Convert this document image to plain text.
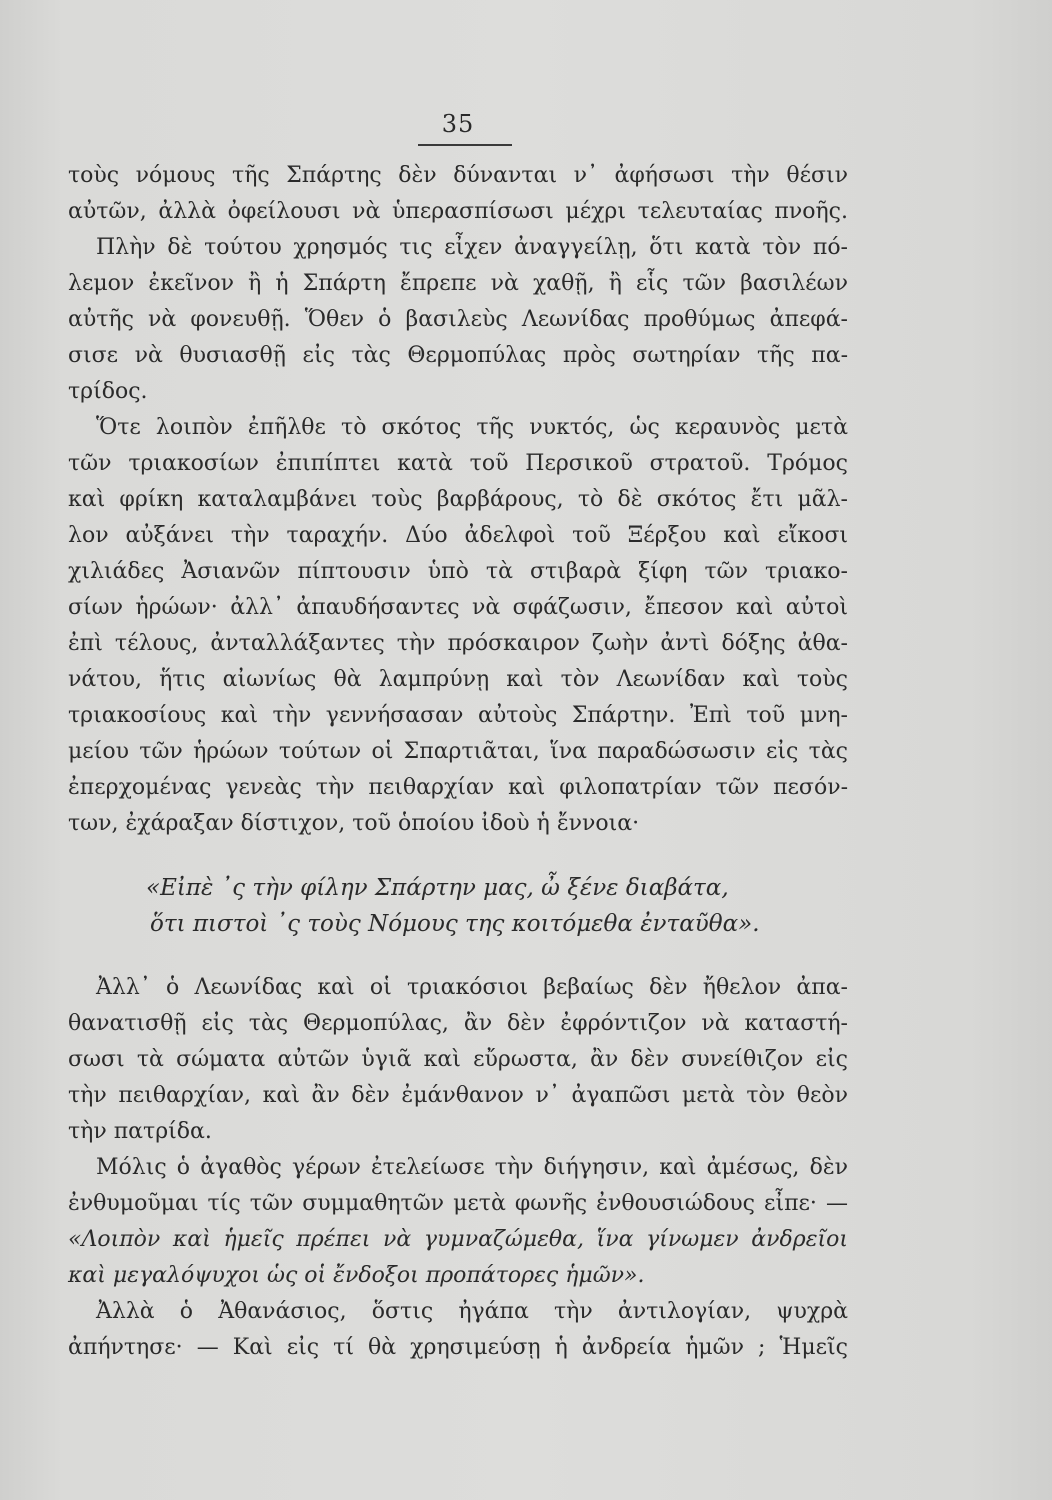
35
τοὺς νόμους τῆς Σπάρτης δὲν δύνανται ν᾽ ἀφήσωσι τὴν θέσιν
αὐτῶν, ἀλλὰ ὀφείλουσι νὰ ὑπερασπίσωσι μέχρι τελευταίας πνοῆς.
Πλὴν δὲ τούτου χρησμός τις εἶχεν ἀναγγείλῃ, ὅτι κατὰ τὸν πό-
λεμον ἐκεῖνον ἢ ἡ Σπάρτη ἔπρεπε νὰ χαθῇ, ἢ εἷς τῶν βασιλέων
αὐτῆς νὰ φονευθῇ. Ὅθεν ὁ βασιλεὺς Λεωνίδας προθύμως ἀπεφά-
σισε νὰ θυσιασθῇ εἰς τὰς Θερμοπύλας πρὸς σωτηρίαν τῆς πα-
τρίδος.
Ὅτε λοιπὸν ἐπῆλθε τὸ σκότος τῆς νυκτός, ὡς κεραυνὸς μετὰ
τῶν τριακοσίων ἐπιπίπτει κατὰ τοῦ Περσικοῦ στρατοῦ. Τρόμος
καὶ φρίκη καταλαμβάνει τοὺς βαρβάρους, τὸ δὲ σκότος ἔτι μᾶλ-
λον αὐξάνει τὴν ταραχήν. Δύο ἀδελφοὶ τοῦ Ξέρξου καὶ εἴκοσι
χιλιάδες Ἀσιανῶν πίπτουσιν ὑπὸ τὰ στιβαρὰ ξίφη τῶν τριακο-
σίων ἡρώων· ἀλλ᾽ ἀπαυδήσαντες νὰ σφάζωσιν, ἔπεσον καὶ αὐτοὶ
ἐπὶ τέλους, ἀνταλλάξαντες τὴν πρόσκαιρον ζωὴν ἀντὶ δόξης ἀθα-
νάτου, ἥτις αἰωνίως θὰ λαμπρύνῃ καὶ τὸν Λεωνίδαν καὶ τοὺς
τριακοσίους καὶ τὴν γεννήσασαν αὐτοὺς Σπάρτην. Ἐπὶ τοῦ μνη-
μείου τῶν ἡρώων τούτων οἱ Σπαρτιᾶται, ἵνα παραδώσωσιν εἰς τὰς
ἐπερχομένας γενεὰς τὴν πειθαρχίαν καὶ φιλοπατρίαν τῶν πεσόν-
των, ἐχάραξαν δίστιχον, τοῦ ὁποίου ἰδοὺ ἡ ἔννοια·
«Εἰπὲ ᾽ς τὴν φίλην Σπάρτην μας, ὦ ξένε διαβάτα,
ὅτι πιστοὶ ᾽ς τοὺς Νόμους της κοιτόμεθα ἐνταῦθα».
Ἀλλ᾽ ὁ Λεωνίδας καὶ οἱ τριακόσιοι βεβαίως δὲν ἤθελον ἀπα-
θανατισθῇ εἰς τὰς Θερμοπύλας, ἂν δὲν ἐφρόντιζον νὰ καταστή-
σωσι τὰ σώματα αὐτῶν ὑγιᾶ καὶ εὔρωστα, ἂν δὲν συνείθιζον εἰς
τὴν πειθαρχίαν, καὶ ἂν δὲν ἐμάνθανον ν᾽ ἀγαπῶσι μετὰ τὸν θεὸν
τὴν πατρίδα.
Μόλις ὁ ἀγαθὸς γέρων ἐτελείωσε τὴν διήγησιν, καὶ ἀμέσως, δὲν
ἐνθυμοῦμαι τίς τῶν συμμαθητῶν μετὰ φωνῆς ἐνθουσιώδους εἶπε· —
«Λοιπὸν καὶ ἡμεῖς πρέπει νὰ γυμναζώμεθα, ἵνα γίνωμεν ἀνδρεῖοι
καὶ μεγαλόψυχοι ὡς οἱ ἔνδοξοι προπάτορες ἡμῶν».
Ἀλλὰ ὁ Ἀθανάσιος, ὅστις ἠγάπα τὴν ἀντιλογίαν, ψυχρὰ
ἀπήντησε· — Καὶ εἰς τί θὰ χρησιμεύσῃ ἡ ἀνδρεία ἡμῶν ; Ἡμεῖς
